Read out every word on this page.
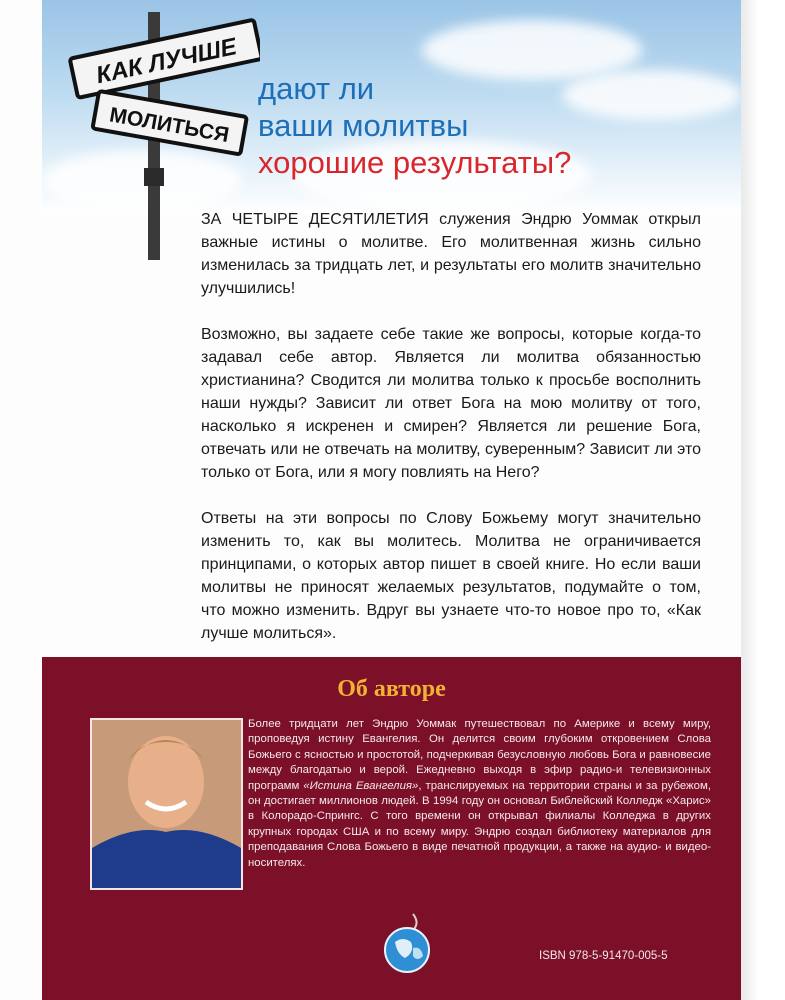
КАК ЛУЧШЕ
МОЛИТЬСЯ
дают ли
ваши молитвы
хорошие результаты?

ЗА ЧЕТЫРЕ ДЕСЯТИЛЕТИЯ служения Эндрю Уоммак открыл важные истины о молитве. Его молитвенная жизнь сильно изменилась за тридцать лет, и результаты его молитв значительно улучшились!

Возможно, вы задаете себе такие же вопросы, которые когда-то задавал себе автор. Является ли молитва обязанностью христианина? Сводится ли молитва только к просьбе восполнить наши нужды? Зависит ли ответ Бога на мою молитву от того, насколько я искренен и смирен? Является ли решение Бога, отвечать или не отвечать на молитву, суверенным? Зависит ли это только от Бога, или я могу повлиять на Него?

Ответы на эти вопросы по Слову Божьему могут значительно изменить то, как вы молитесь. Молитва не ограничивается принципами, о которых автор пишет в своей книге. Но если ваши молитвы не приносят желаемых результатов, подумайте о том, что можно изменить. Вдруг вы узнаете что-то новое про то, «Как лучше молиться».

Об авторе

Более тридцати лет Эндрю Уоммак путешествовал по Америке и всему миру, проповедуя истину Евангелия. Он делится своим глубоким откровением Слова Божьего с ясностью и простотой, подчеркивая безусловную любовь Бога и равновесие между благодатью и верой. Ежедневно выходя в эфир радио-и телевизионных программ «Истина Евангелия», транслируемых на территории страны и за рубежом, он достигает миллионов людей. В 1994 году он основал Библейский Колледж «Харис» в Колорадо-Спрингс. С того времени он открывал филиалы Колледжа в других крупных городах США и по всему миру. Эндрю создал библиотеку материалов для преподавания Слова Божьего в виде печатной продукции, а также на аудио- и видео-носителях.

ISBN 978-5-91470-005-5
